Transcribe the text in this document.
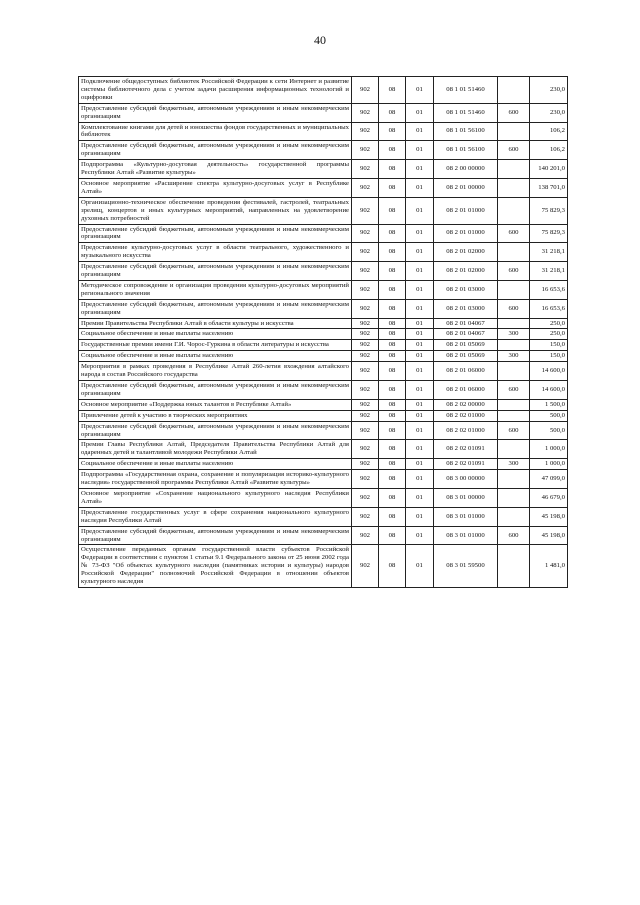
40
Подключение общедоступных библиотек Российской Федерации к сети Интернет и развитие системы библиотечного дела с учетом задачи расширения информационных технологий и оцифровки	902	08	01	08 1 01 51460		230,0
Предоставление субсидий бюджетным, автономным учреждениям и иным некоммерческим организациям	902	08	01	08 1 01 51460	600	230,0
Комплектование книгами для детей и юношества фондов государственных и муниципальных библиотек	902	08	01	08 1 01 56100		106,2
Предоставление субсидий бюджетным, автономным учреждениям и иным некоммерческим организациям	902	08	01	08 1 01 56100	600	106,2
Подпрограмма «Культурно-досуговая деятельность» государственной программы Республики Алтай «Развитие культуры»	902	08	01	08 2 00 00000		140 201,0
Основное мероприятие «Расширение спектра культурно-досуговых услуг в Республике Алтай»	902	08	01	08 2 01 00000		138 701,0
Организационно-техническое обеспечение проведения фестивалей, гастролей, театральных зрелищ, концертов и иных культурных мероприятий, направленных на удовлетворение духовных потребностей	902	08	01	08 2 01 01000		75 829,3
Предоставление субсидий бюджетным, автономным учреждениям и иным некоммерческим организациям	902	08	01	08 2 01 01000	600	75 829,3
Предоставление культурно-досуговых услуг в области театрального, художественного и музыкального искусства	902	08	01	08 2 01 02000		31 218,1
Предоставление субсидий бюджетным, автономным учреждениям и иным некоммерческим организациям	902	08	01	08 2 01 02000	600	31 218,1
Методическое сопровождение и организация проведения культурно-досуговых мероприятий регионального значения	902	08	01	08 2 01 03000		16 653,6
Предоставление субсидий бюджетным, автономным учреждениям и иным некоммерческим организациям	902	08	01	08 2 01 03000	600	16 653,6
Премии Правительства Республики Алтай в области культуры и искусства	902	08	01	08 2 01 04067		250,0
Социальное обеспечение и иные выплаты населению	902	08	01	08 2 01 04067	300	250,0
Государственные премии имени Г.И. Чорос-Гуркина в области литературы и искусства	902	08	01	08 2 01 05069		150,0
Социальное обеспечение и иные выплаты населению	902	08	01	08 2 01 05069	300	150,0
Мероприятия в рамках проведения в Республике Алтай 260-летия вхождения алтайского народа в состав Российского государства	902	08	01	08 2 01 06000		14 600,0
Предоставление субсидий бюджетным, автономным учреждениям и иным некоммерческим организациям	902	08	01	08 2 01 06000	600	14 600,0
Основное мероприятие «Поддержка юных талантов в Республике Алтай»	902	08	01	08 2 02 00000		1 500,0
Привлечение детей к участию в творческих мероприятиях	902	08	01	08 2 02 01000		500,0
Предоставление субсидий бюджетным, автономным учреждениям и иным некоммерческим организациям	902	08	01	08 2 02 01000	600	500,0
Премии Главы Республики Алтай, Председателя Правительства Республики Алтай для одаренных детей и талантливой молодежи Республики Алтай	902	08	01	08 2 02 01091		1 000,0
Социальное обеспечение и иные выплаты населению	902	08	01	08 2 02 01091	300	1 000,0
Подпрограмма «Государственная охрана, сохранение и популяризация историко-культурного наследия» государственной программы Республики Алтай «Развитие культуры»	902	08	01	08 3 00 00000		47 099,0
Основное мероприятие «Сохранение национального культурного наследия Республики Алтай»	902	08	01	08 3 01 00000		46 679,0
Предоставление государственных услуг в сфере сохранения национального культурного наследия Республики Алтай	902	08	01	08 3 01 01000		45 198,0
Предоставление субсидий бюджетным, автономным учреждениям и иным некоммерческим организациям	902	08	01	08 3 01 01000	600	45 198,0
Осуществление переданных органам государственной власти субъектов Российской Федерации в соответствии с пунктом 1 статьи 9.1 Федерального закона от 25 июня 2002 года № 73-ФЗ "Об объектах культурного наследия (памятниках истории и культуры) народов Российской Федерации" полномочий Российской Федерации в отношении объектов культурного наследия	902	08	01	08 3 01 59500		1 481,0
